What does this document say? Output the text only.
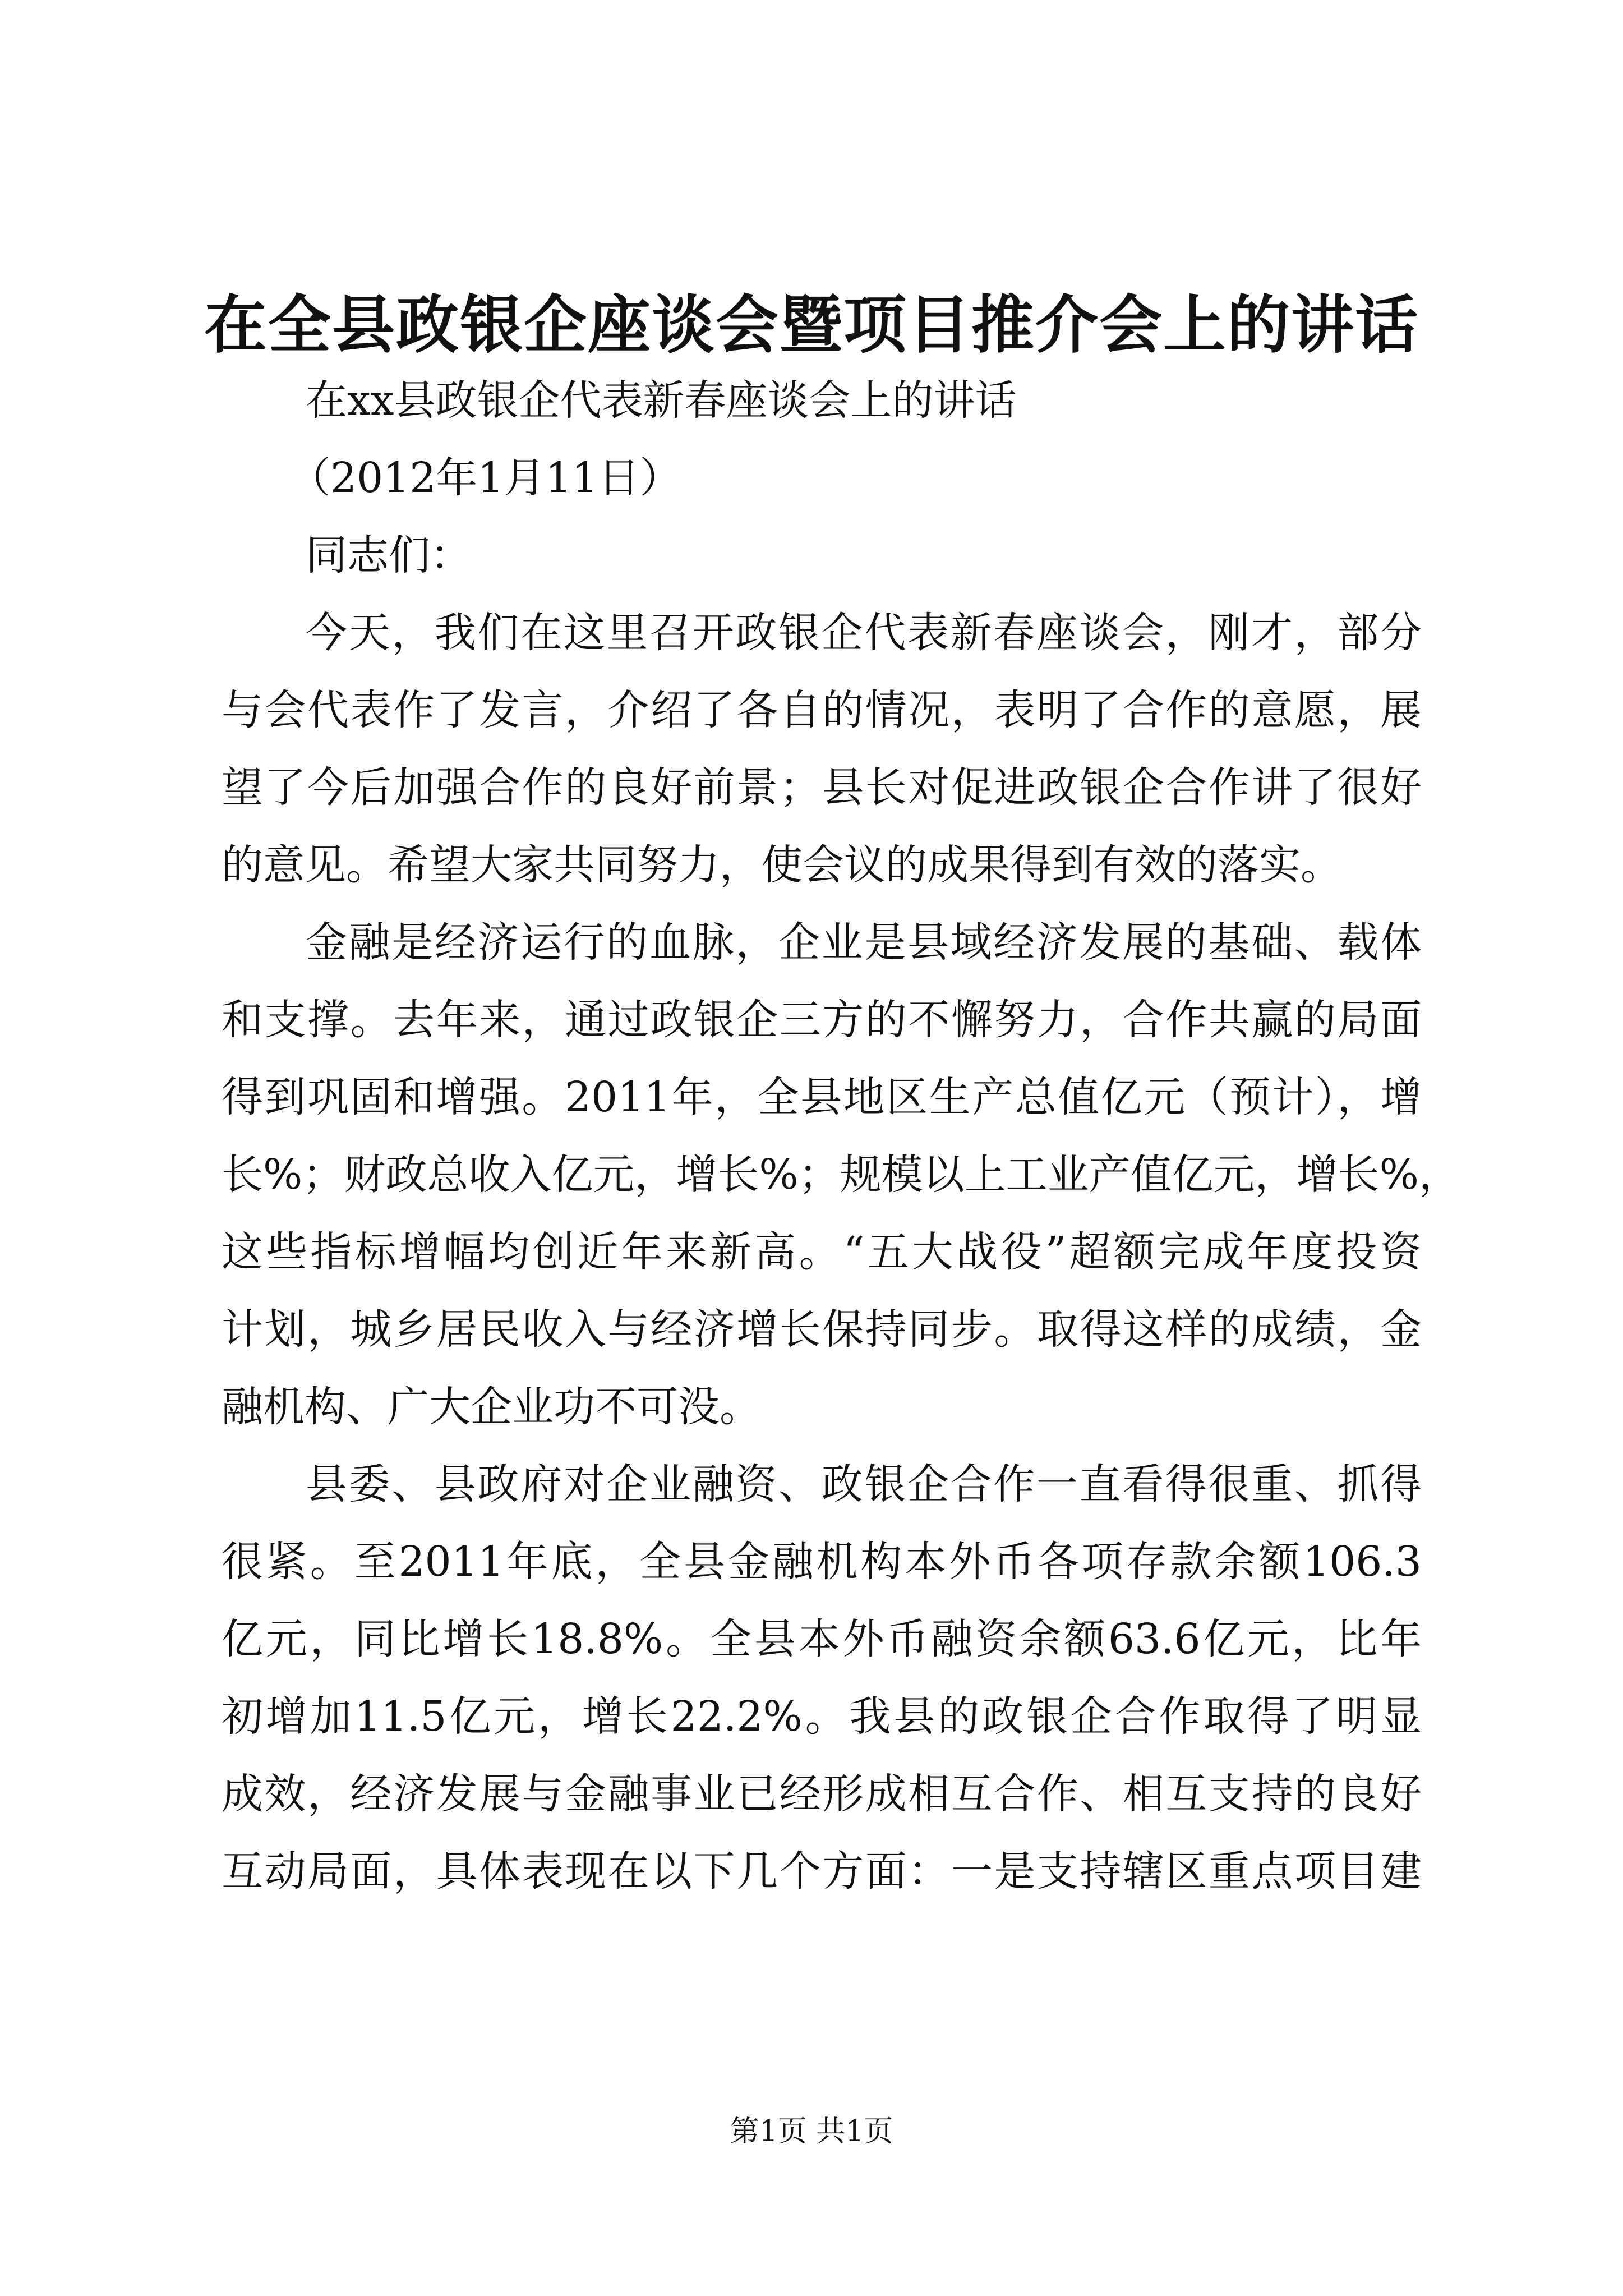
在全县政银企座谈会暨项目推介会上的讲话
在xx县政银企代表新春座谈会上的讲话
（2012年1月11日）
同志们：
今天，我们在这里召开政银企代表新春座谈会，刚才，部分
与会代表作了发言，介绍了各自的情况，表明了合作的意愿，展
望了今后加强合作的良好前景；县长对促进政银企合作讲了很好
的意见。希望大家共同努力，使会议的成果得到有效的落实。
金融是经济运行的血脉，企业是县域经济发展的基础、载体
和支撑。去年来，通过政银企三方的不懈努力，合作共赢的局面
得到巩固和增强。2011年，全县地区生产总值亿元（预计），增
长%；财政总收入亿元，增长%；规模以上工业产值亿元，增长%，
这些指标增幅均创近年来新高。“五大战役”超额完成年度投资
计划，城乡居民收入与经济增长保持同步。取得这样的成绩，金
融机构、广大企业功不可没。
县委、县政府对企业融资、政银企合作一直看得很重、抓得
很紧。至2011年底，全县金融机构本外币各项存款余额106.3
亿元，同比增长18.8%。全县本外币融资余额63.6亿元，比年
初增加11.5亿元，增长22.2%。我县的政银企合作取得了明显
成效，经济发展与金融事业已经形成相互合作、相互支持的良好
互动局面，具体表现在以下几个方面：一是支持辖区重点项目建
第1页 共1页
